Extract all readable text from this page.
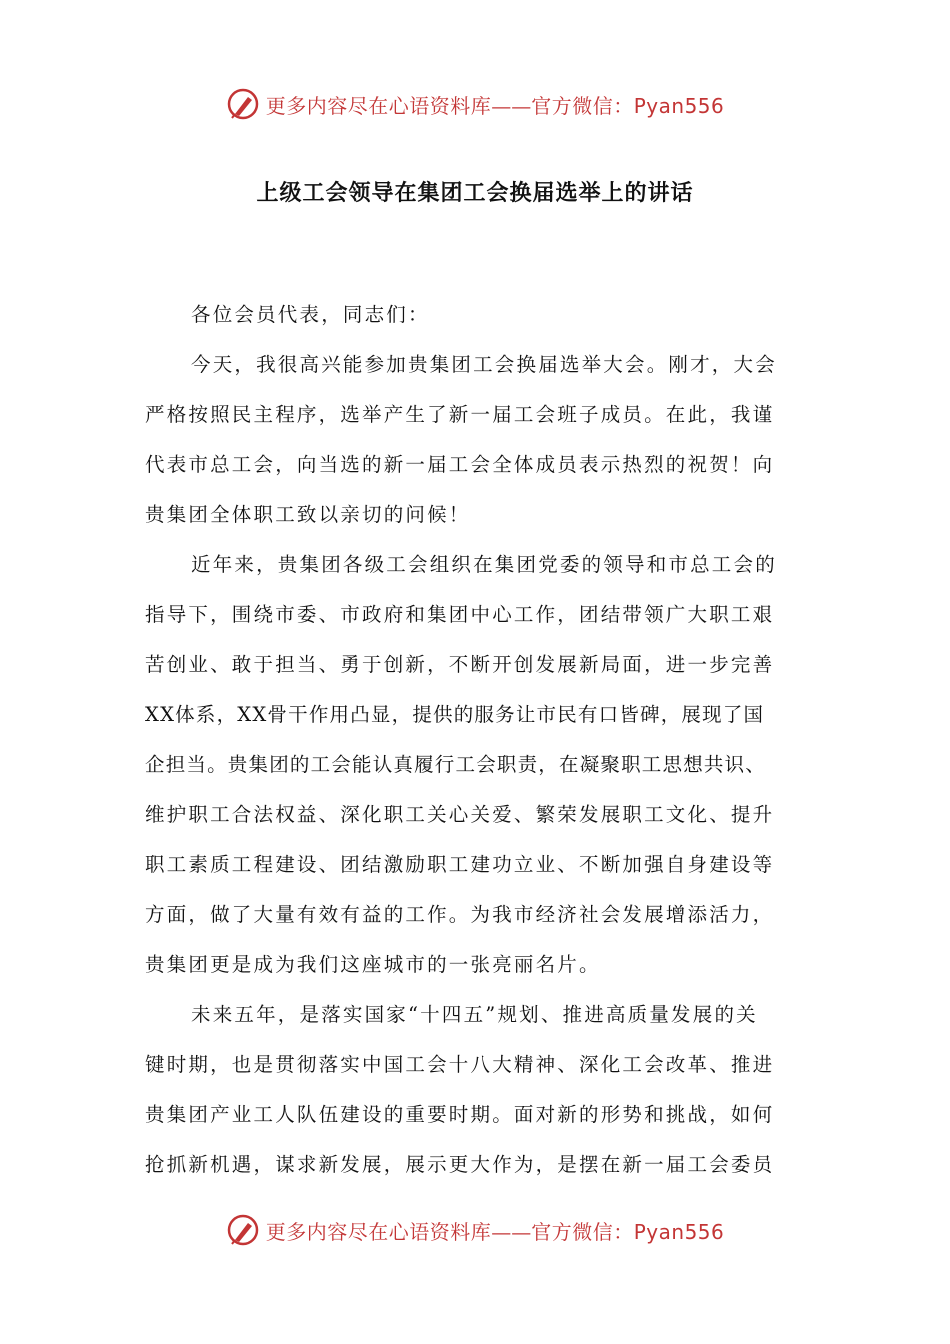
更多内容尽在心语资料库——官方微信：Pyan556
上级工会领导在集团工会换届选举上的讲话
各位会员代表，同志们：
今天，我很高兴能参加贵集团工会换届选举大会。刚才，大会
严格按照民主程序，选举产生了新一届工会班子成员。在此，我谨
代表市总工会，向当选的新一届工会全体成员表示热烈的祝贺！向
贵集团全体职工致以亲切的问候！
近年来，贵集团各级工会组织在集团党委的领导和市总工会的
指导下，围绕市委、市政府和集团中心工作，团结带领广大职工艰
苦创业、敢于担当、勇于创新，不断开创发展新局面，进一步完善
XX体系，XX骨干作用凸显，提供的服务让市民有口皆碑，展现了国
企担当。贵集团的工会能认真履行工会职责，在凝聚职工思想共识、
维护职工合法权益、深化职工关心关爱、繁荣发展职工文化、提升
职工素质工程建设、团结激励职工建功立业、不断加强自身建设等
方面，做了大量有效有益的工作。为我市经济社会发展增添活力，
贵集团更是成为我们这座城市的一张亮丽名片。
未来五年，是落实国家“十四五”规划、推进高质量发展的关
键时期，也是贯彻落实中国工会十八大精神、深化工会改革、推进
贵集团产业工人队伍建设的重要时期。面对新的形势和挑战，如何
抢抓新机遇，谋求新发展，展示更大作为，是摆在新一届工会委员
更多内容尽在心语资料库——官方微信：Pyan556
